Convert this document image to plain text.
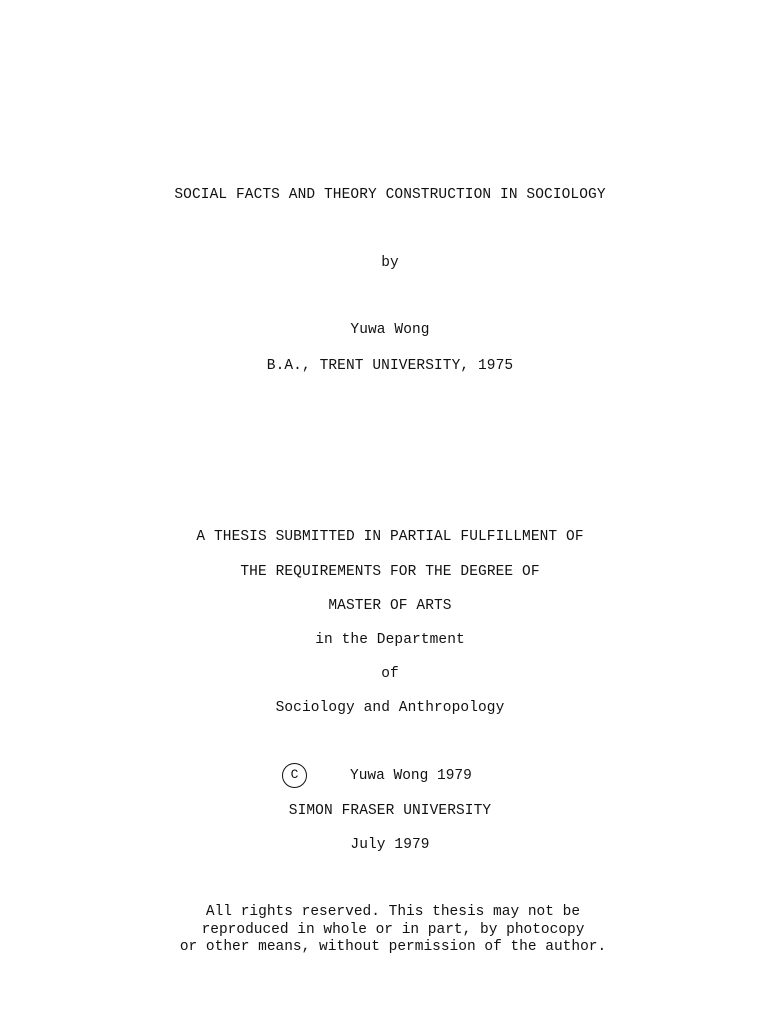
SOCIAL FACTS AND THEORY CONSTRUCTION IN SOCIOLOGY
by
Yuwa Wong
B.A., TRENT UNIVERSITY, 1975
A THESIS SUBMITTED IN PARTIAL FULFILLMENT OF
THE REQUIREMENTS FOR THE DEGREE OF
MASTER OF ARTS
in the Department
of
Sociology and Anthropology
C	Yuwa Wong 1979
SIMON FRASER UNIVERSITY
July 1979
All rights reserved. This thesis may not be
reproduced in whole or in part, by photocopy
or other means, without permission of the author.
